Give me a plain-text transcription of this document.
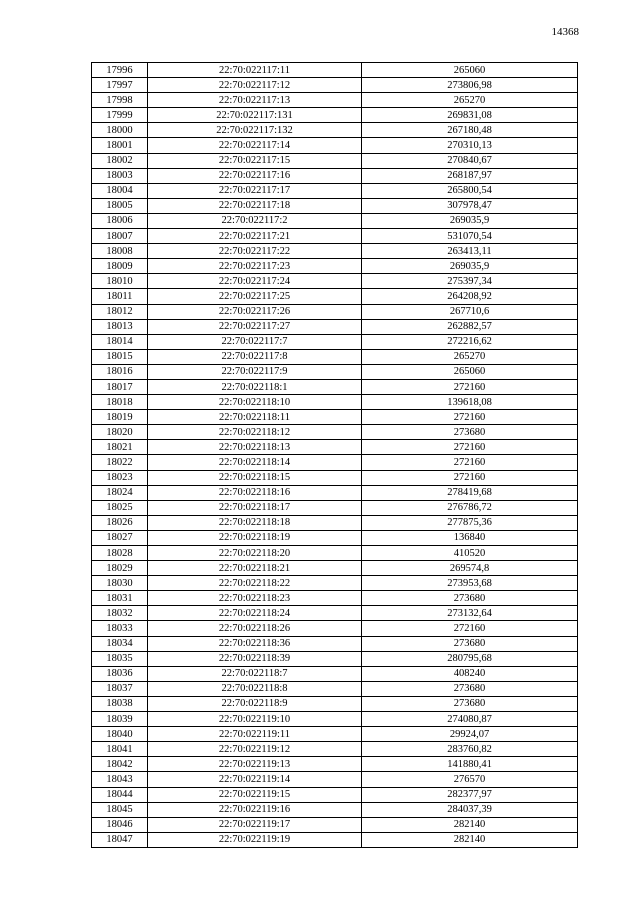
14368
17996	22:70:022117:11	265060
17997	22:70:022117:12	273806,98
17998	22:70:022117:13	265270
17999	22:70:022117:131	269831,08
18000	22:70:022117:132	267180,48
18001	22:70:022117:14	270310,13
18002	22:70:022117:15	270840,67
18003	22:70:022117:16	268187,97
18004	22:70:022117:17	265800,54
18005	22:70:022117:18	307978,47
18006	22:70:022117:2	269035,9
18007	22:70:022117:21	531070,54
18008	22:70:022117:22	263413,11
18009	22:70:022117:23	269035,9
18010	22:70:022117:24	275397,34
18011	22:70:022117:25	264208,92
18012	22:70:022117:26	267710,6
18013	22:70:022117:27	262882,57
18014	22:70:022117:7	272216,62
18015	22:70:022117:8	265270
18016	22:70:022117:9	265060
18017	22:70:022118:1	272160
18018	22:70:022118:10	139618,08
18019	22:70:022118:11	272160
18020	22:70:022118:12	273680
18021	22:70:022118:13	272160
18022	22:70:022118:14	272160
18023	22:70:022118:15	272160
18024	22:70:022118:16	278419,68
18025	22:70:022118:17	276786,72
18026	22:70:022118:18	277875,36
18027	22:70:022118:19	136840
18028	22:70:022118:20	410520
18029	22:70:022118:21	269574,8
18030	22:70:022118:22	273953,68
18031	22:70:022118:23	273680
18032	22:70:022118:24	273132,64
18033	22:70:022118:26	272160
18034	22:70:022118:36	273680
18035	22:70:022118:39	280795,68
18036	22:70:022118:7	408240
18037	22:70:022118:8	273680
18038	22:70:022118:9	273680
18039	22:70:022119:10	274080,87
18040	22:70:022119:11	29924,07
18041	22:70:022119:12	283760,82
18042	22:70:022119:13	141880,41
18043	22:70:022119:14	276570
18044	22:70:022119:15	282377,97
18045	22:70:022119:16	284037,39
18046	22:70:022119:17	282140
18047	22:70:022119:19	282140
